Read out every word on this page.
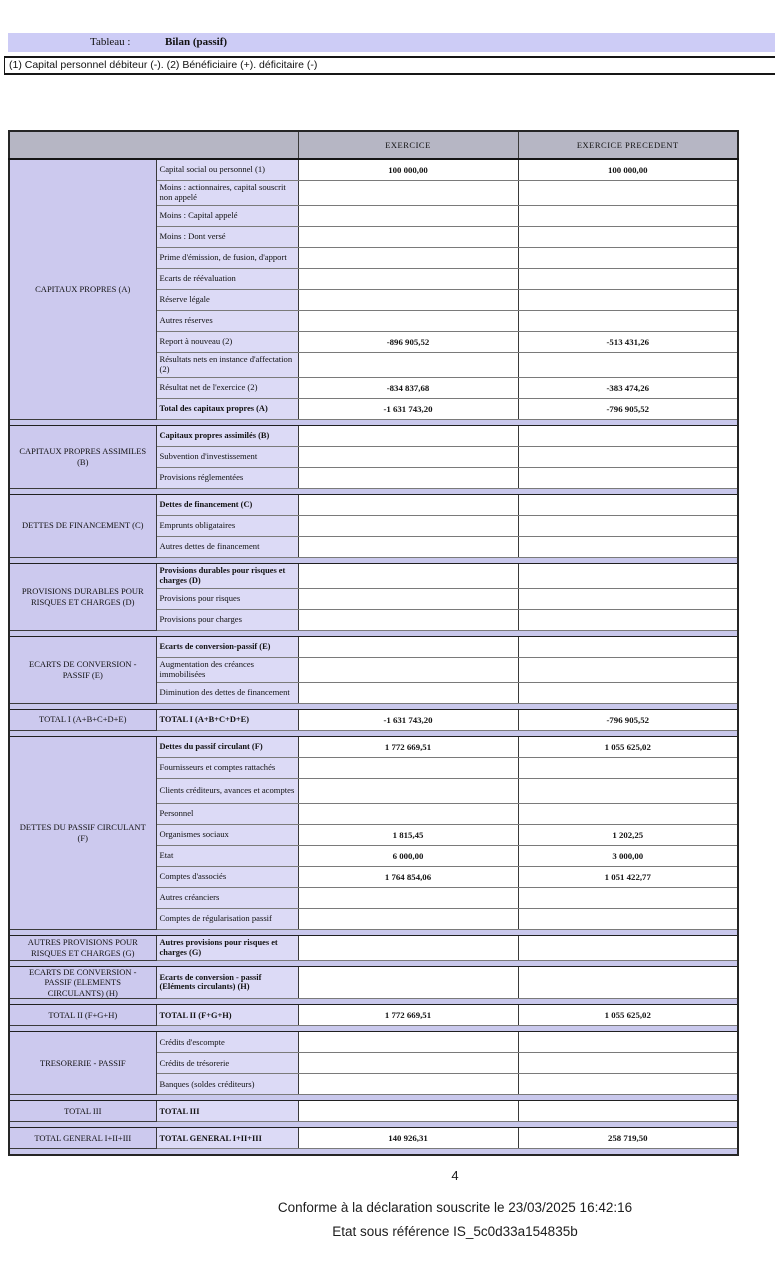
Tableau :	Bilan (passif)
(1) Capital personnel débiteur (-). (2) Bénéficiaire (+). déficitaire (-)
		EXERCICE	EXERCICE PRECEDENT
CAPITAUX PROPRES (A)	Capital social ou personnel (1)	100 000,00	100 000,00
	Moins : actionnaires, capital souscrit non appelé		
	Moins : Capital appelé		
	Moins : Dont versé		
	Prime d'émission, de fusion, d'apport		
	Ecarts de réévaluation		
	Réserve légale		
	Autres réserves		
	Report à nouveau (2)	-896 905,52	-513 431,26
	Résultats nets en instance d'affectation (2)		
	Résultat net de l'exercice (2)	-834 837,68	-383 474,26
	Total des capitaux propres (A)	-1 631 743,20	-796 905,52

CAPITAUX PROPRES ASSIMILES (B)	Capitaux propres assimilés (B)		
	Subvention d'investissement		
	Provisions réglementées		

DETTES DE FINANCEMENT (C)	Dettes de financement (C)		
	Emprunts obligataires		
	Autres dettes de financement		

PROVISIONS DURABLES POUR RISQUES ET CHARGES (D)	Provisions durables pour risques et charges (D)		
	Provisions pour risques		
	Provisions pour charges		

ECARTS DE CONVERSION - PASSIF (E)	Ecarts de conversion-passif (E)		
	Augmentation des créances immobilisées		
	Diminution des dettes de financement		

TOTAL I (A+B+C+D+E)	TOTAL I (A+B+C+D+E)	-1 631 743,20	-796 905,52

DETTES DU PASSIF CIRCULANT (F)	Dettes du passif circulant (F)	1 772 669,51	1 055 625,02
	Fournisseurs et comptes rattachés		
	Clients créditeurs, avances et acomptes		
	Personnel		
	Organismes sociaux	1 815,45	1 202,25
	Etat	6 000,00	3 000,00
	Comptes d'associés	1 764 854,06	1 051 422,77
	Autres créanciers		
	Comptes de régularisation passif		

AUTRES PROVISIONS POUR RISQUES ET CHARGES (G)	Autres provisions pour risques et charges (G)		

ECARTS DE CONVERSION - PASSIF (ELEMENTS CIRCULANTS) (H)	Ecarts de conversion - passif (Eléments circulants) (H)		

TOTAL II (F+G+H)	TOTAL II (F+G+H)	1 772 669,51	1 055 625,02

TRESORERIE - PASSIF	Crédits d'escompte		
	Crédits de trésorerie		
	Banques (soldes créditeurs)		

TOTAL III	TOTAL III		

TOTAL GENERAL I+II+III	TOTAL GENERAL I+II+III	140 926,31	258 719,50

4
Conforme à la déclaration souscrite le 23/03/2025 16:42:16
Etat sous référence IS_5c0d33a154835b
